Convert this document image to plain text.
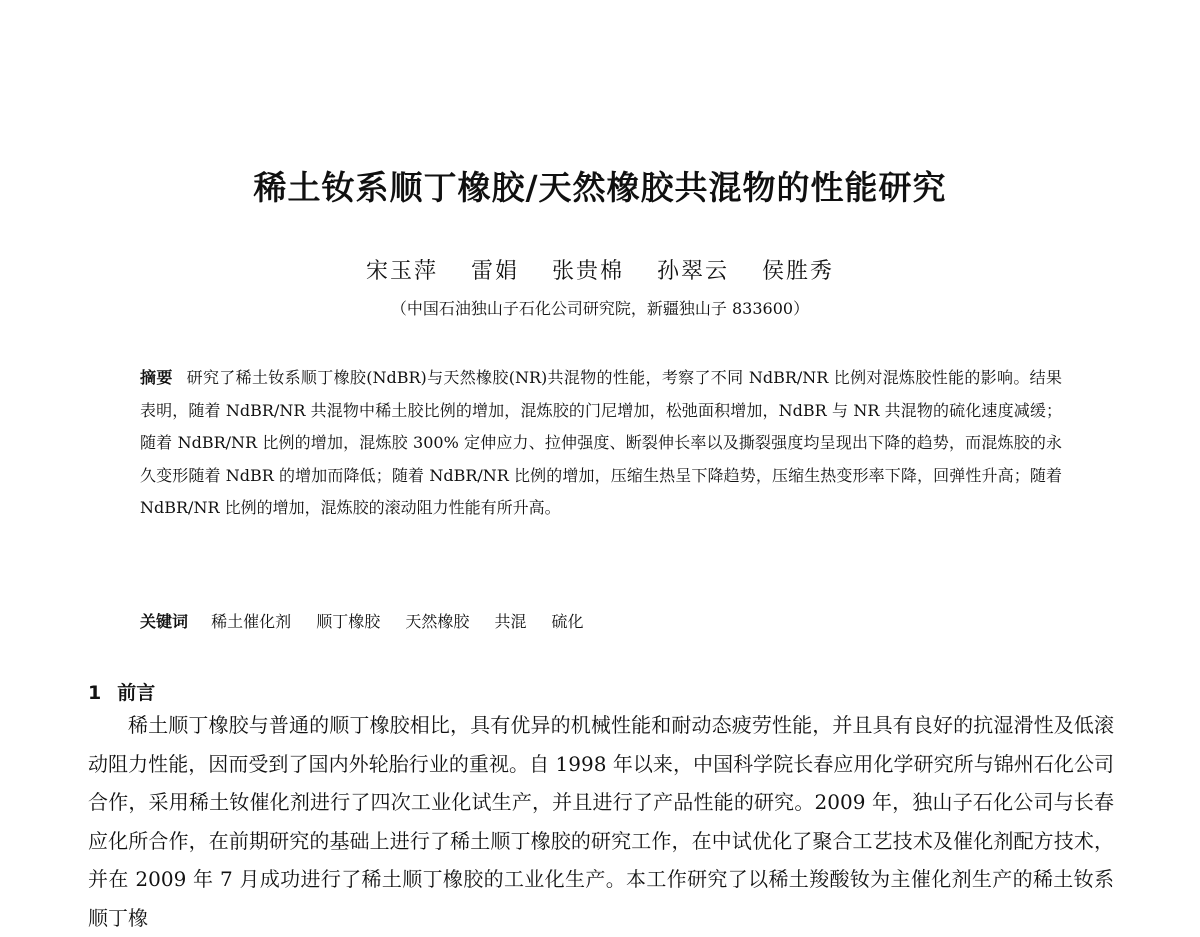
稀土钕系顺丁橡胶/天然橡胶共混物的性能研究
宋玉萍 雷娟 张贵棉 孙翠云 侯胜秀
（中国石油独山子石化公司研究院，新疆独山子 833600）
摘要 研究了稀土钕系顺丁橡胶(NdBR)与天然橡胶(NR)共混物的性能，考察了不同 NdBR/NR 比例对混炼胶性能的影响。结果表明，随着 NdBR/NR 共混物中稀土胶比例的增加，混炼胶的门尼增加，松弛面积增加，NdBR 与 NR 共混物的硫化速度减缓；随着 NdBR/NR 比例的增加，混炼胶 300% 定伸应力、拉伸强度、断裂伸长率以及撕裂强度均呈现出下降的趋势，而混炼胶的永久变形随着 NdBR 的增加而降低；随着 NdBR/NR 比例的增加，压缩生热呈下降趋势，压缩生热变形率下降，回弹性升高；随着 NdBR/NR 比例的增加，混炼胶的滚动阻力性能有所升高。
关键词 稀土催化剂 顺丁橡胶 天然橡胶 共混 硫化
1 前言
稀土顺丁橡胶与普通的顺丁橡胶相比，具有优异的机械性能和耐动态疲劳性能，并且具有良好的抗湿滑性及低滚动阻力性能，因而受到了国内外轮胎行业的重视。自 1998 年以来，中国科学院长春应用化学研究所与锦州石化公司合作，采用稀土钕催化剂进行了四次工业化试生产，并且进行了产品性能的研究。2009 年，独山子石化公司与长春应化所合作，在前期研究的基础上进行了稀土顺丁橡胶的研究工作，在中试优化了聚合工艺技术及催化剂配方技术，并在 2009 年 7 月成功进行了稀土顺丁橡胶的工业化生产。本工作研究了以稀土羧酸钕为主催化剂生产的稀土钕系顺丁橡
